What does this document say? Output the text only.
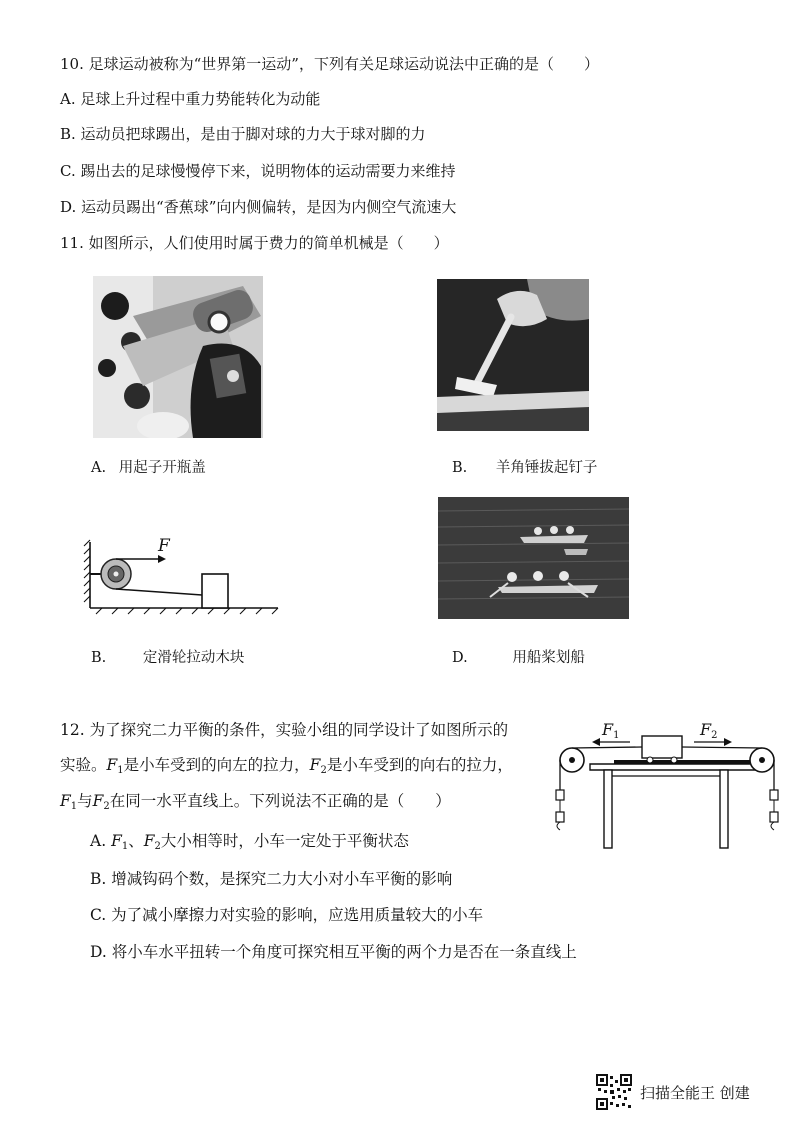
10. 足球运动被称为“世界第一运动”，下列有关足球运动说法中正确的是（　　）
A. 足球上升过程中重力势能转化为动能
B. 运动员把球踢出，是由于脚对球的力大于球对脚的力
C. 踢出去的足球慢慢停下来，说明物体的运动需要力来维持
D. 运动员踢出“香蕉球”向内侧偏转，是因为内侧空气流速大
11. 如图所示，人们使用时属于费力的简单机械是（　　）
A. 用起子开瓶盖	B. 羊角锤拔起钉子
F
B.	定滑轮拉动木块	D.	用船桨划船
12. 为了探究二力平衡的条件，实验小组的同学设计了如图所示的
实验。$F_1$是小车受到的向左的拉力，$F_2$是小车受到的向右的拉力，
$F_1$与$F_2$在同一水平直线上。下列说法不正确的是（　　）
A. $F_1$、$F_2$大小相等时，小车一定处于平衡状态
B. 增减钩码个数，是探究二力大小对小车平衡的影响
C. 为了减小摩擦力对实验的影响，应选用质量较大的小车
D. 将小车水平扭转一个角度可探究相互平衡的两个力是否在一条直线上
$F_1$	$F_2$
扫描全能王 创建
